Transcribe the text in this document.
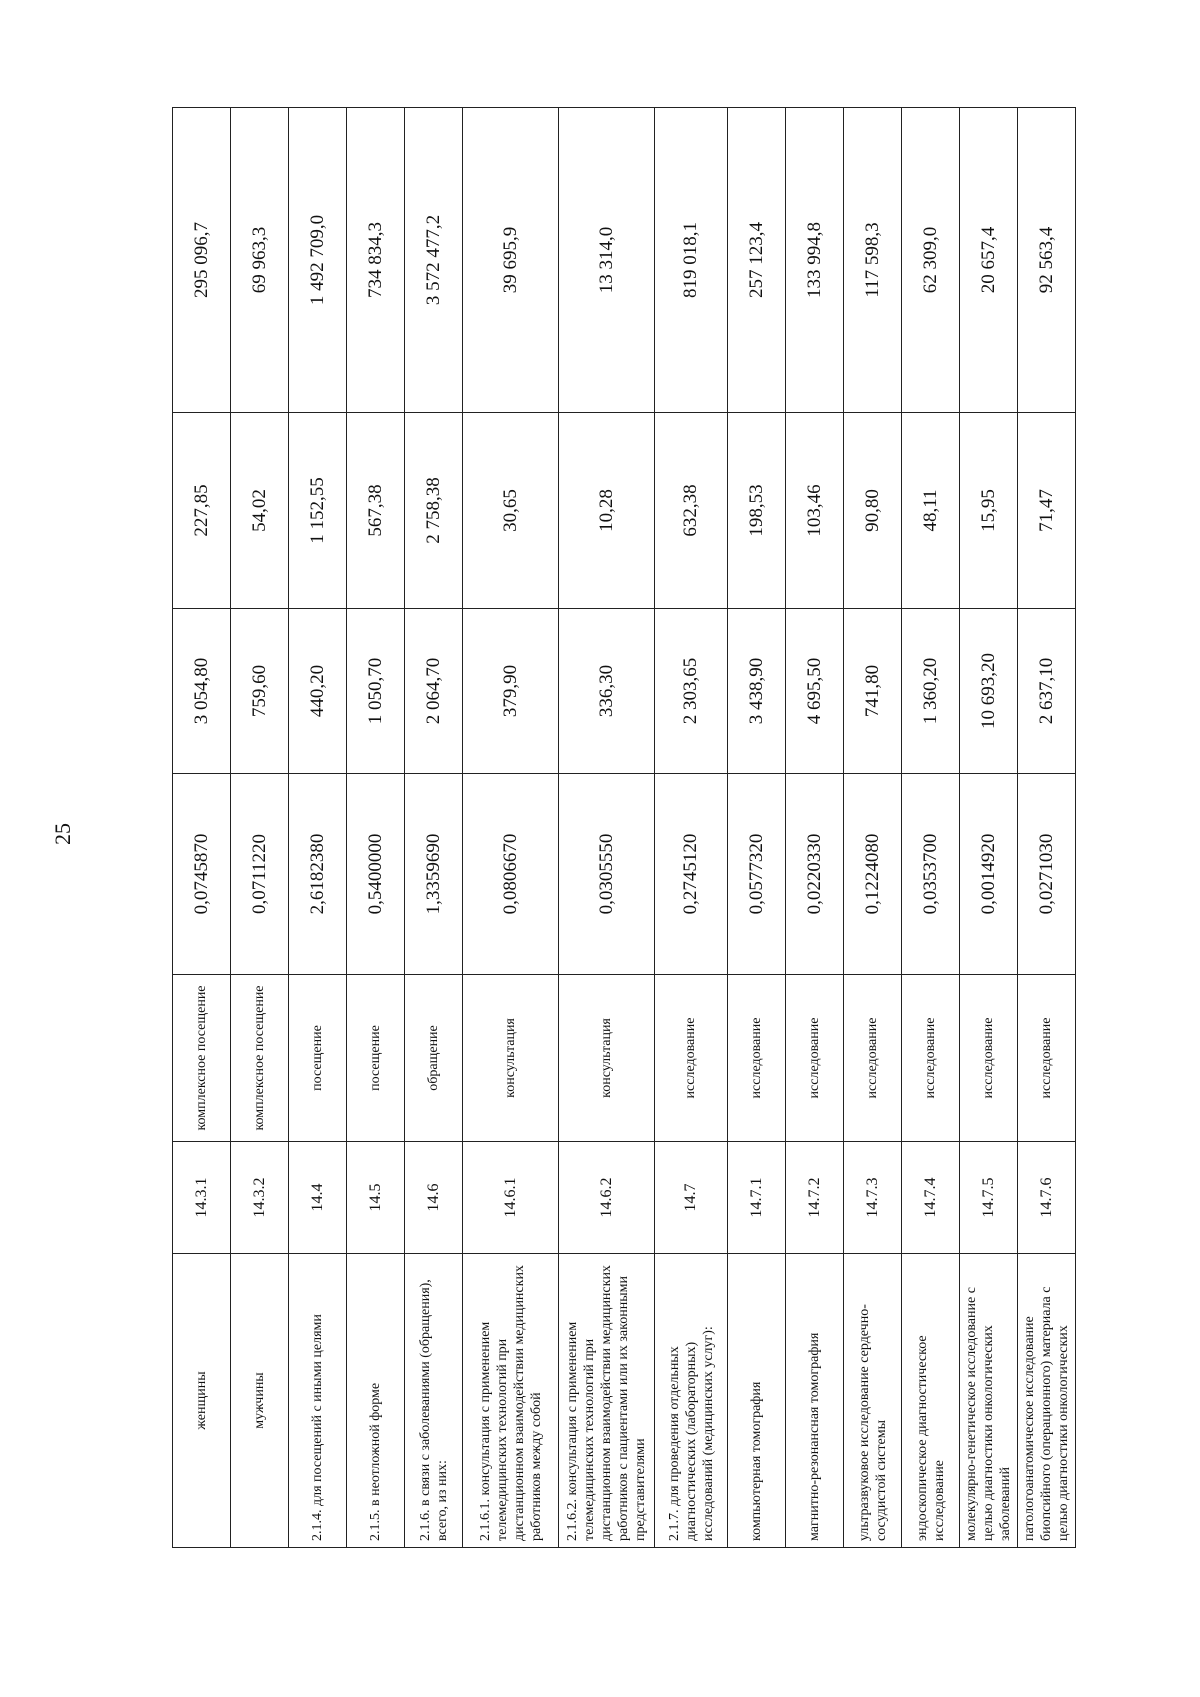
25
женщины	14.3.1	комплексное посещение	0,0745870	3 054,80	227,85	295 096,7
мужчины	14.3.2	комплексное посещение	0,0711220	759,60	54,02	69 963,3
2.1.4. для посещений с иными целями	14.4	посещение	2,6182380	440,20	1 152,55	1 492 709,0
2.1.5. в неотложной форме	14.5	посещение	0,5400000	1 050,70	567,38	734 834,3
2.1.6. в связи с заболеваниями (обращения), всего, из них:	14.6	обращение	1,3359690	2 064,70	2 758,38	3 572 477,2
2.1.6.1. консультация с применением телемедицинских технологий при дистанционном взаимодействии медицинских работников между собой	14.6.1	консультация	0,0806670	379,90	30,65	39 695,9
2.1.6.2. консультация с применением телемедицинских технологий при дистанционном взаимодействии медицинских работников с пациентами или их законными представителями	14.6.2	консультация	0,0305550	336,30	10,28	13 314,0
2.1.7. для проведения отдельных диагностических (лабораторных) исследований (медицинских услуг):	14.7	исследование	0,2745120	2 303,65	632,38	819 018,1
компьютерная томография	14.7.1	исследование	0,0577320	3 438,90	198,53	257 123,4
магнитно-резонансная томография	14.7.2	исследование	0,0220330	4 695,50	103,46	133 994,8
ультразвуковое исследование сердечно-сосудистой системы	14.7.3	исследование	0,1224080	741,80	90,80	117 598,3
эндоскопическое диагностическое исследование	14.7.4	исследование	0,0353700	1 360,20	48,11	62 309,0
молекулярно-генетическое исследование с целью диагностики онкологических заболеваний	14.7.5	исследование	0,0014920	10 693,20	15,95	20 657,4
патологоанатомическое исследование биопсийного (операционного) материала с целью диагностики онкологических	14.7.6	исследование	0,0271030	2 637,10	71,47	92 563,4
